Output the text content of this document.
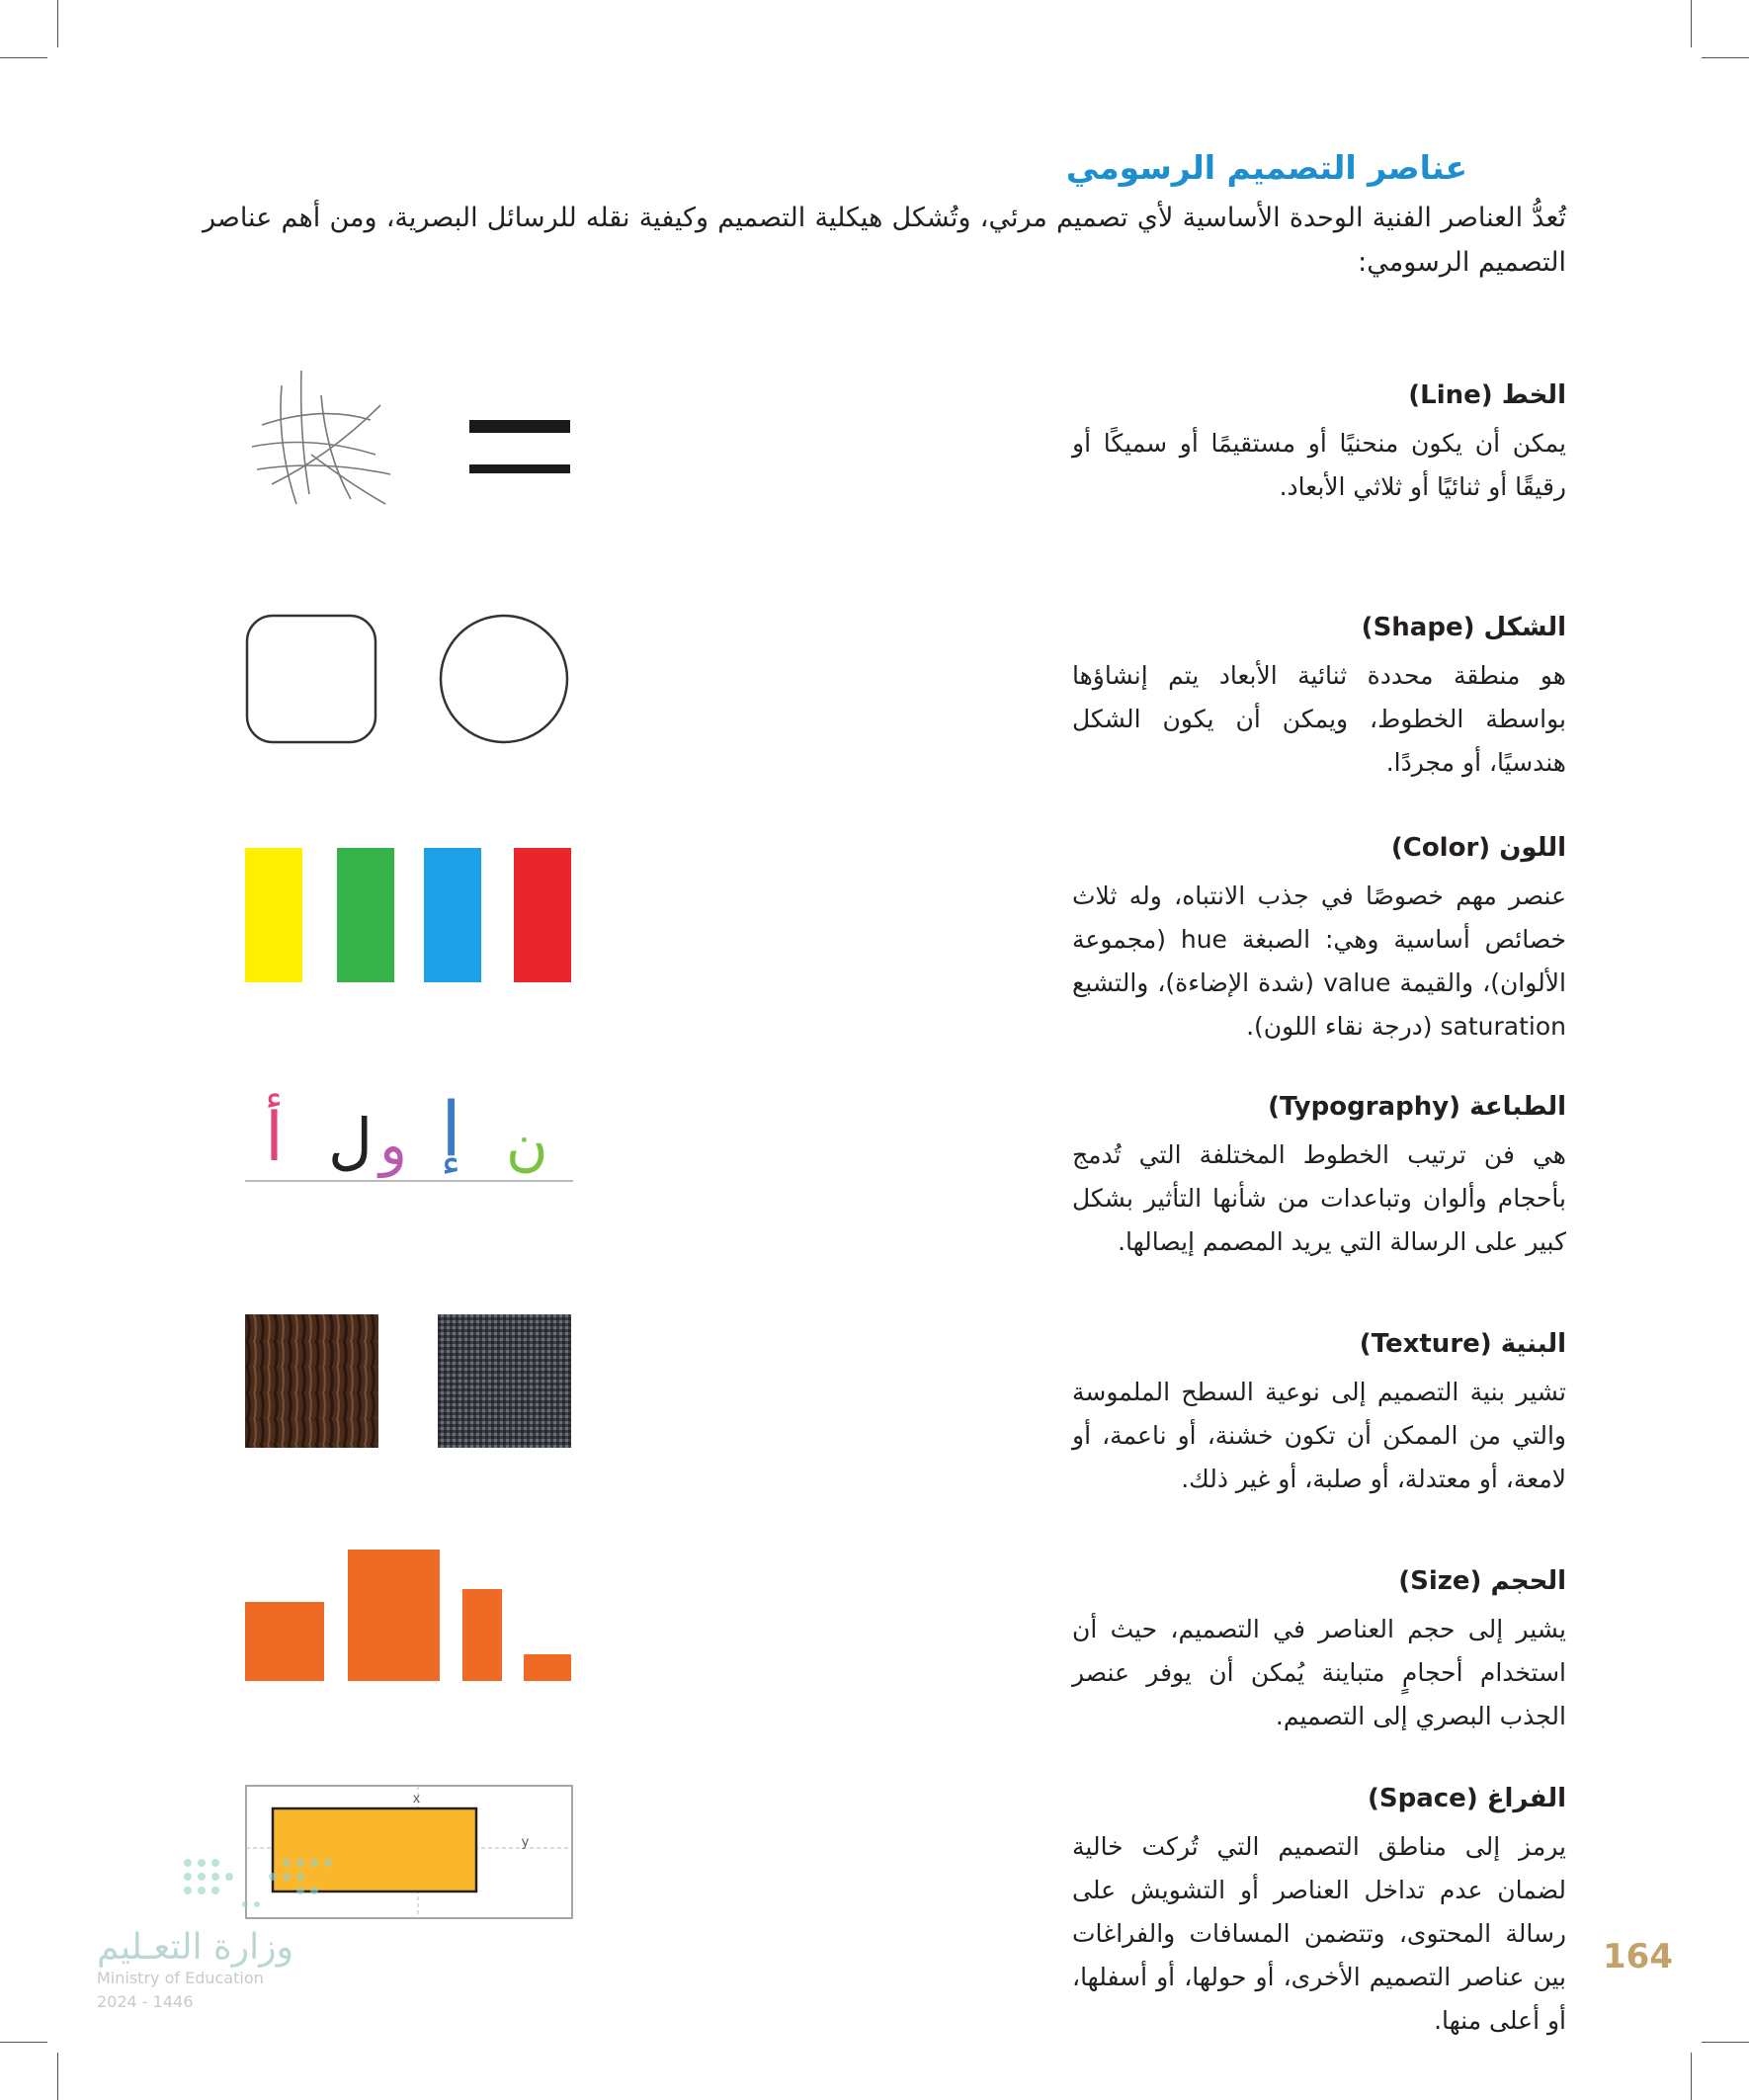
عناصر التصميم الرسومي

تُعدُّ العناصر الفنية الوحدة الأساسية لأي تصميم مرئي، وتُشكل هيكلية التصميم وكيفية نقله للرسائل البصرية، ومن أهم عناصر التصميم الرسومي:

الخط (Line)

يمكن أن يكون منحنيًا أو مستقيمًا أو سميكًا أو رقيقًا أو ثنائيًا أو ثلاثي الأبعاد.

الشكل (Shape)

هو منطقة محددة ثنائية الأبعاد يتم إنشاؤها بواسطة الخطوط، ويمكن أن يكون الشكل هندسيًا، أو مجردًا.

اللون (Color)

عنصر مهم خصوصًا في جذب الانتباه، وله ثلاث خصائص أساسية وهي: الصبغة hue (مجموعة الألوان)، والقيمة value (شدة الإضاءة)، والتشبع saturation (درجة نقاء اللون).

الطباعة (Typography)

هي فن ترتيب الخطوط المختلفة التي تُدمج بأحجام وألوان وتباعدات من شأنها التأثير بشكل كبير على الرسالة التي يريد المصمم إيصالها.

البنية (Texture)

تشير بنية التصميم إلى نوعية السطح الملموسة والتي من الممكن أن تكون خشنة، أو ناعمة، أو لامعة، أو معتدلة، أو صلبة، أو غير ذلك.

الحجم (Size)

يشير إلى حجم العناصر في التصميم، حيث أن استخدام أحجامٍ متباينة يُمكن أن يوفر عنصر الجذب البصري إلى التصميم.

الفراغ (Space)

يرمز إلى مناطق التصميم التي تُركت خالية لضمان عدم تداخل العناصر أو التشويش على رسالة المحتوى، وتتضمن المسافات والفراغات بين عناصر التصميم الأخرى، أو حولها، أو أسفلها، أو أعلى منها.

أ ل و إ ن
x
y
وزارة التعـليم
Ministry of Education
2024 - 1446
164
